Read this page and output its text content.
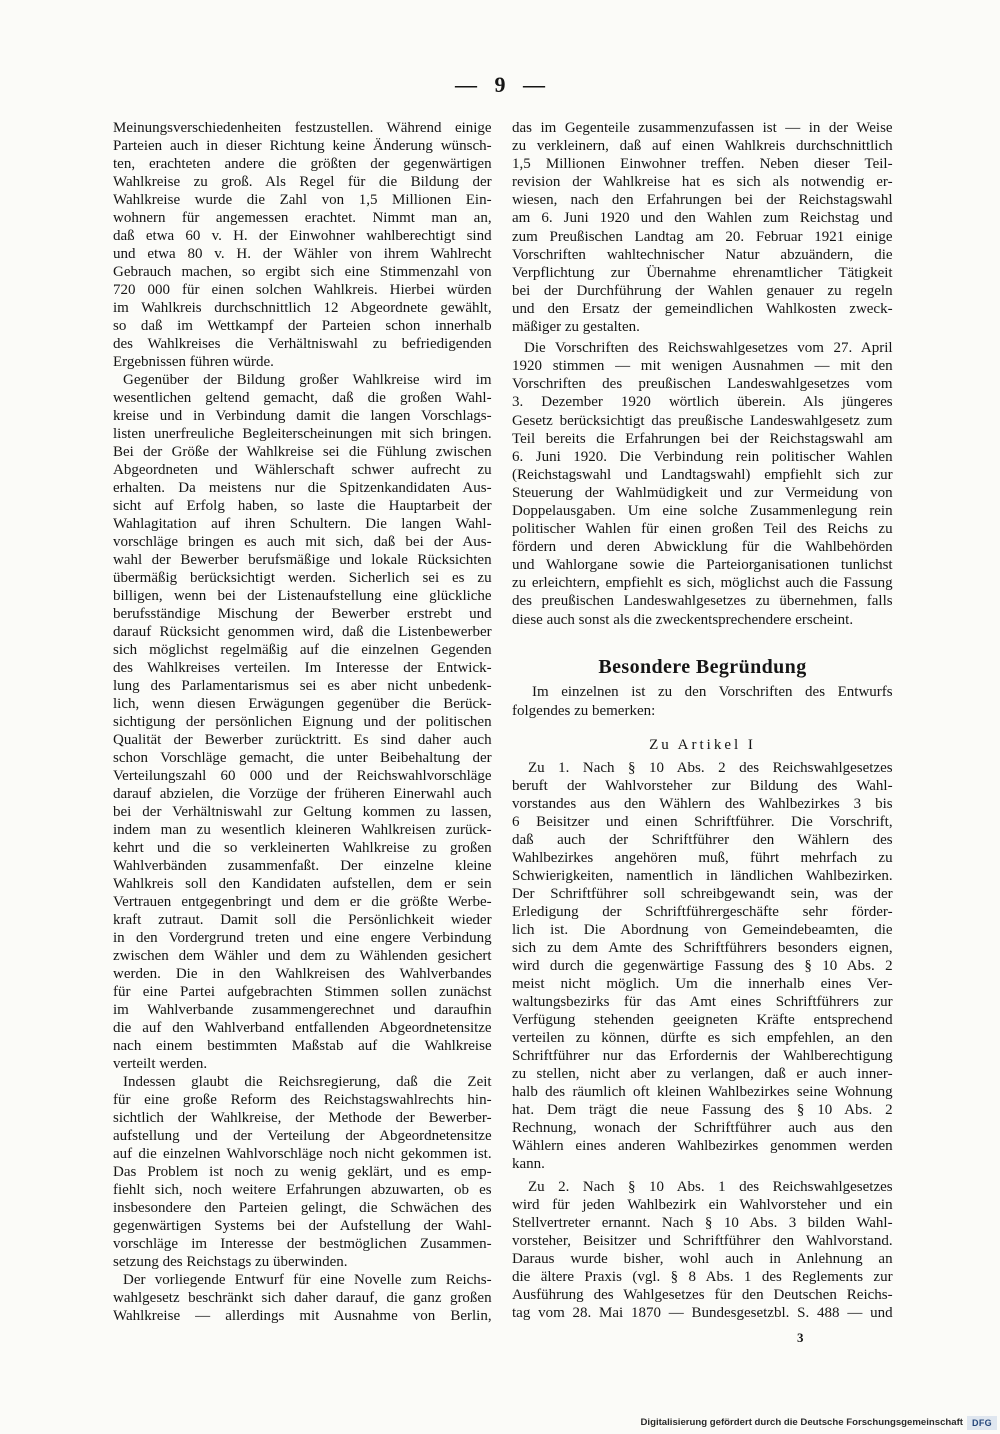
— 9 —
Meinungsverschiedenheiten festzustellen. Während einige
Parteien auch in dieser Richtung keine Änderung wünsch-
ten, erachteten andere die größten der gegenwärtigen
Wahlkreise zu groß. Als Regel für die Bildung der
Wahlkreise wurde die Zahl von 1,5 Millionen Ein-
wohnern für angemessen erachtet. Nimmt man an,
daß etwa 60 v. H. der Einwohner wahlberechtigt sind
und etwa 80 v. H. der Wähler von ihrem Wahlrecht
Gebrauch machen, so ergibt sich eine Stimmenzahl von
720 000 für einen solchen Wahlkreis. Hierbei würden
im Wahlkreis durchschnittlich 12 Abgeordnete gewählt,
so daß im Wettkampf der Parteien schon innerhalb
des Wahlkreises die Verhältniswahl zu befriedigenden
Ergebnissen führen würde.
Gegenüber der Bildung großer Wahlkreise wird im
wesentlichen geltend gemacht, daß die großen Wahl-
kreise und in Verbindung damit die langen Vorschlags-
listen unerfreuliche Begleiterscheinungen mit sich bringen.
Bei der Größe der Wahlkreise sei die Fühlung zwischen
Abgeordneten und Wählerschaft schwer aufrecht zu
erhalten. Da meistens nur die Spitzenkandidaten Aus-
sicht auf Erfolg haben, so laste die Hauptarbeit der
Wahlagitation auf ihren Schultern. Die langen Wahl-
vorschläge bringen es auch mit sich, daß bei der Aus-
wahl der Bewerber berufsmäßige und lokale Rücksichten
übermäßig berücksichtigt werden. Sicherlich sei es zu
billigen, wenn bei der Listenaufstellung eine glückliche
berufsständige Mischung der Bewerber erstrebt und
darauf Rücksicht genommen wird, daß die Listenbewerber
sich möglichst regelmäßig auf die einzelnen Gegenden
des Wahlkreises verteilen. Im Interesse der Entwick-
lung des Parlamentarismus sei es aber nicht unbedenk-
lich, wenn diesen Erwägungen gegenüber die Berück-
sichtigung der persönlichen Eignung und der politischen
Qualität der Bewerber zurücktritt. Es sind daher auch
schon Vorschläge gemacht, die unter Beibehaltung der
Verteilungszahl 60 000 und der Reichswahlvorschläge
darauf abzielen, die Vorzüge der früheren Einerwahl auch
bei der Verhältniswahl zur Geltung kommen zu lassen,
indem man zu wesentlich kleineren Wahlkreisen zurück-
kehrt und die so verkleinerten Wahlkreise zu großen
Wahlverbänden zusammenfaßt. Der einzelne kleine
Wahlkreis soll den Kandidaten aufstellen, dem er sein
Vertrauen entgegenbringt und dem er die größte Werbe-
kraft zutraut. Damit soll die Persönlichkeit wieder
in den Vordergrund treten und eine engere Verbindung
zwischen dem Wähler und dem zu Wählenden gesichert
werden. Die in den Wahlkreisen des Wahlverbandes
für eine Partei aufgebrachten Stimmen sollen zunächst
im Wahlverbande zusammengerechnet und daraufhin
die auf den Wahlverband entfallenden Abgeordnetensitze
nach einem bestimmten Maßstab auf die Wahlkreise
verteilt werden.
Indessen glaubt die Reichsregierung, daß die Zeit
für eine große Reform des Reichstagswahlrechts hin-
sichtlich der Wahlkreise, der Methode der Bewerber-
aufstellung und der Verteilung der Abgeordnetensitze
auf die einzelnen Wahlvorschläge noch nicht gekommen ist.
Das Problem ist noch zu wenig geklärt, und es emp-
fiehlt sich, noch weitere Erfahrungen abzuwarten, ob es
insbesondere den Parteien gelingt, die Schwächen des
gegenwärtigen Systems bei der Aufstellung der Wahl-
vorschläge im Interesse der bestmöglichen Zusammen-
setzung des Reichstags zu überwinden.
Der vorliegende Entwurf für eine Novelle zum Reichs-
wahlgesetz beschränkt sich daher darauf, die ganz großen
Wahlkreise — allerdings mit Ausnahme von Berlin,
das im Gegenteile zusammenzufassen ist — in der Weise
zu verkleinern, daß auf einen Wahlkreis durchschnittlich
1,5 Millionen Einwohner treffen. Neben dieser Teil-
revision der Wahlkreise hat es sich als notwendig er-
wiesen, nach den Erfahrungen bei der Reichstagswahl
am 6. Juni 1920 und den Wahlen zum Reichstag und
zum Preußischen Landtag am 20. Februar 1921 einige
Vorschriften wahltechnischer Natur abzuändern, die
Verpflichtung zur Übernahme ehrenamtlicher Tätigkeit
bei der Durchführung der Wahlen genauer zu regeln
und den Ersatz der gemeindlichen Wahlkosten zweck-
mäßiger zu gestalten.
Die Vorschriften des Reichswahlgesetzes vom 27. April
1920 stimmen — mit wenigen Ausnahmen — mit den
Vorschriften des preußischen Landeswahlgesetzes vom
3. Dezember 1920 wörtlich überein. Als jüngeres
Gesetz berücksichtigt das preußische Landeswahlgesetz zum
Teil bereits die Erfahrungen bei der Reichstagswahl am
6. Juni 1920. Die Verbindung rein politischer Wahlen
(Reichstagswahl und Landtagswahl) empfiehlt sich zur
Steuerung der Wahlmüdigkeit und zur Vermeidung von
Doppelausgaben. Um eine solche Zusammenlegung rein
politischer Wahlen für einen großen Teil des Reichs zu
fördern und deren Abwicklung für die Wahlbehörden
und Wahlorgane sowie die Parteiorganisationen tunlichst
zu erleichtern, empfiehlt es sich, möglichst auch die Fassung
des preußischen Landeswahlgesetzes zu übernehmen, falls
diese auch sonst als die zweckentsprechendere erscheint.
Besondere Begründung
Im einzelnen ist zu den Vorschriften des Entwurfs
folgendes zu bemerken:
Zu Artikel I
Zu 1. Nach § 10 Abs. 2 des Reichswahlgesetzes
beruft der Wahlvorsteher zur Bildung des Wahl-
vorstandes aus den Wählern des Wahlbezirkes 3 bis
6 Beisitzer und einen Schriftführer. Die Vorschrift,
daß auch der Schriftführer den Wählern des
Wahlbezirkes angehören muß, führt mehrfach zu
Schwierigkeiten, namentlich in ländlichen Wahlbezirken.
Der Schriftführer soll schreibgewandt sein, was der
Erledigung der Schriftführergeschäfte sehr förder-
lich ist. Die Abordnung von Gemeindebeamten, die
sich zu dem Amte des Schriftführers besonders eignen,
wird durch die gegenwärtige Fassung des § 10 Abs. 2
meist nicht möglich. Um die innerhalb eines Ver-
waltungsbezirks für das Amt eines Schriftführers zur
Verfügung stehenden geeigneten Kräfte entsprechend
verteilen zu können, dürfte es sich empfehlen, an den
Schriftführer nur das Erfordernis der Wahlberechtigung
zu stellen, nicht aber zu verlangen, daß er auch inner-
halb des räumlich oft kleinen Wahlbezirkes seine Wohnung
hat. Dem trägt die neue Fassung des § 10 Abs. 2
Rechnung, wonach der Schriftführer auch aus den
Wählern eines anderen Wahlbezirkes genommen werden
kann.
Zu 2. Nach § 10 Abs. 1 des Reichswahlgesetzes
wird für jeden Wahlbezirk ein Wahlvorsteher und ein
Stellvertreter ernannt. Nach § 10 Abs. 3 bilden Wahl-
vorsteher, Beisitzer und Schriftführer den Wahlvorstand.
Daraus wurde bisher, wohl auch in Anlehnung an
die ältere Praxis (vgl. § 8 Abs. 1 des Reglements zur
Ausführung des Wahlgesetzes für den Deutschen Reichs-
tag vom 28. Mai 1870 — Bundesgesetzbl. S. 488 — und
3
Digitalisierung gefördert durch die Deutsche Forschungsgemeinschaft	DFG
